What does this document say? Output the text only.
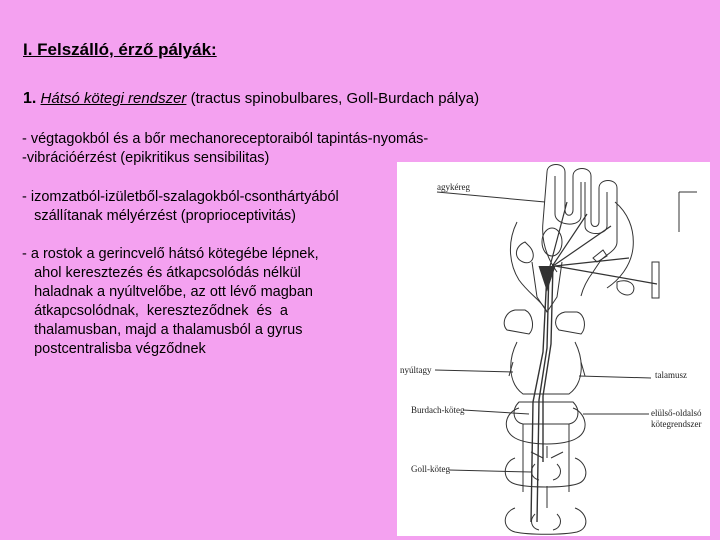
I. Felszálló, érző pályák:
1. Hátsó kötegi rendszer (tractus spinobulbares, Goll-Burdach pálya)
- végtagokból és a bőr mechanoreceptoraiból tapintás-nyomás-
-vibrációérzést (epikritikus sensibilitas)
- izomzatból-izületből-szalagokból-csonthártyából
szállítanak mélyérzést (proprioceptivitás)
- a rostok a gerincvelő hátsó kötegébe lépnek,
ahol keresztezés és átkapcsolódás nélkül
haladnak a nyúltvelőbe, az ott lévő magban
átkapcsolódnak,  kereszteződnek  és  a
thalamusban, majd a thalamusból a gyrus
postcentralisba végződnek
agykéreg
nyúltagy	talamusz
Burdach-köteg	elülső-oldalsó
kötegrendszer
Goll-köteg
